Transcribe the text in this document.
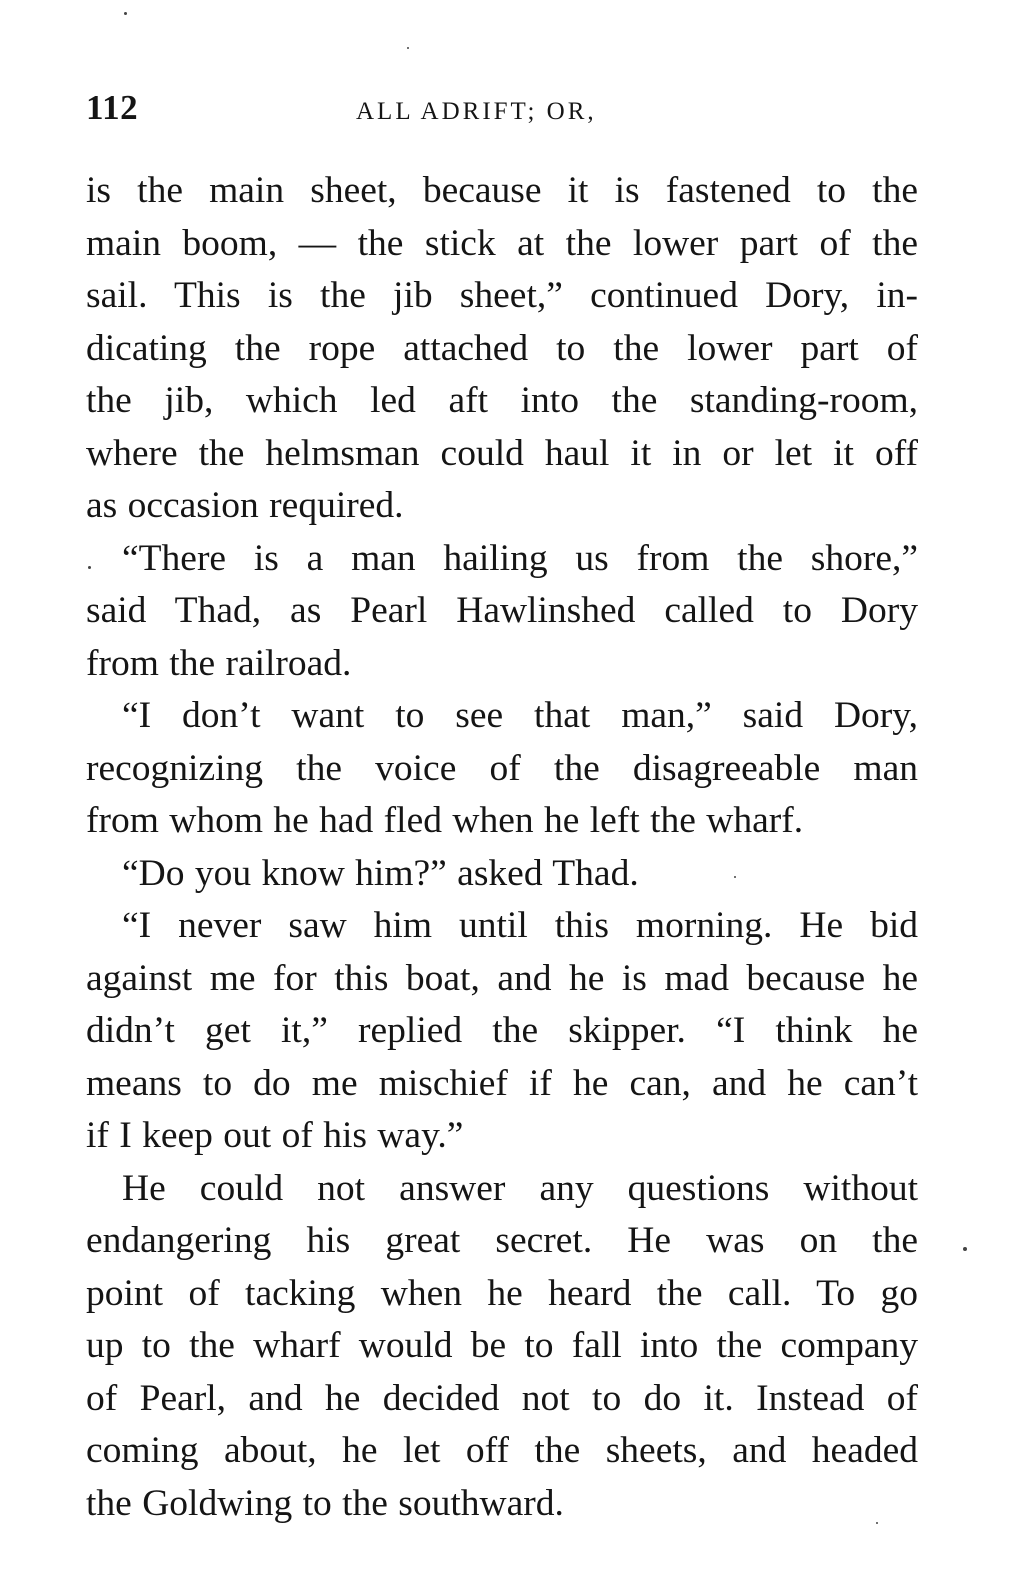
112	ALL ADRIFT; OR,
is the main sheet, because it is fastened to the
main boom, — the stick at the lower part of the
sail. This is the jib sheet,” continued Dory, in-
dicating the rope attached to the lower part of
the jib, which led aft into the standing-room,
where the helmsman could haul it in or let it off
as occasion required.
“There is a man hailing us from the shore,”
said Thad, as Pearl Hawlinshed called to Dory
from the railroad.
“I don’t want to see that man,” said Dory,
recognizing the voice of the disagreeable man
from whom he had fled when he left the wharf.
“Do you know him?” asked Thad.
“I never saw him until this morning. He bid
against me for this boat, and he is mad because he
didn’t get it,” replied the skipper. “I think he
means to do me mischief if he can, and he can’t
if I keep out of his way.”
He could not answer any questions without
endangering his great secret. He was on the
point of tacking when he heard the call. To go
up to the wharf would be to fall into the company
of Pearl, and he decided not to do it. Instead of
coming about, he let off the sheets, and headed
the Goldwing to the southward.
